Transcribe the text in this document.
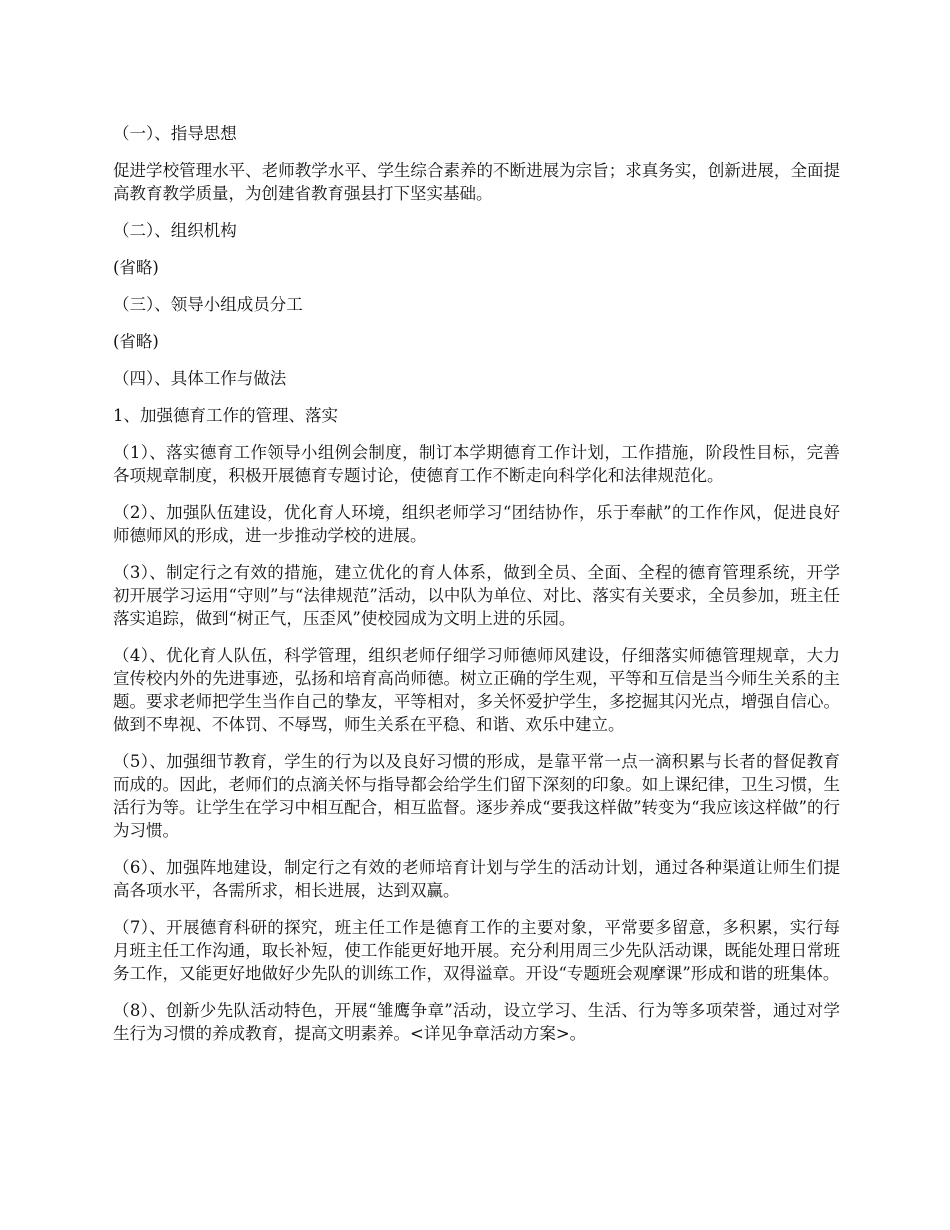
（一）、指导思想

促进学校管理水平、老师教学水平、学生综合素养的不断进展为宗旨；求真务实，创新进展，全面提高教育教学质量，为创建省教育强县打下坚实基础。

（二）、组织机构

(省略)

（三）、领导小组成员分工

(省略)

（四）、具体工作与做法

1、加强德育工作的管理、落实

（1）、落实德育工作领导小组例会制度，制订本学期德育工作计划，工作措施，阶段性目标，完善各项规章制度，积极开展德育专题讨论，使德育工作不断走向科学化和法律规范化。

（2）、加强队伍建设，优化育人环境，组织老师学习“团结协作，乐于奉献”的工作作风，促进良好师德师风的形成，进一步推动学校的进展。

（3）、制定行之有效的措施，建立优化的育人体系，做到全员、全面、全程的德育管理系统，开学初开展学习运用“守则”与“法律规范”活动，以中队为单位、对比、落实有关要求，全员参加，班主任落实追踪，做到“树正气，压歪风”使校园成为文明上进的乐园。

（4）、优化育人队伍，科学管理，组织老师仔细学习师德师风建设，仔细落实师德管理规章，大力宣传校内外的先进事迹，弘扬和培育高尚师德。树立正确的学生观，平等和互信是当今师生关系的主题。要求老师把学生当作自己的挚友，平等相对，多关怀爱护学生，多挖掘其闪光点，增强自信心。做到不卑视、不体罚、不辱骂，师生关系在平稳、和谐、欢乐中建立。

（5）、加强细节教育，学生的行为以及良好习惯的形成，是靠平常一点一滴积累与长者的督促教育而成的。因此，老师们的点滴关怀与指导都会给学生们留下深刻的印象。如上课纪律，卫生习惯，生活行为等。让学生在学习中相互配合，相互监督。逐步养成“要我这样做”转变为“我应该这样做”的行为习惯。

（6）、加强阵地建设，制定行之有效的老师培育计划与学生的活动计划，通过各种渠道让师生们提高各项水平，各需所求，相长进展，达到双赢。

（7）、开展德育科研的探究，班主任工作是德育工作的主要对象，平常要多留意，多积累，实行每月班主任工作沟通，取长补短，使工作能更好地开展。充分利用周三少先队活动课，既能处理日常班务工作，又能更好地做好少先队的训练工作，双得溢章。开设“专题班会观摩课”形成和谐的班集体。

（8）、创新少先队活动特色，开展“雏鹰争章”活动，设立学习、生活、行为等多项荣誉，通过对学生行为习惯的养成教育，提高文明素养。<详见争章活动方案>。
